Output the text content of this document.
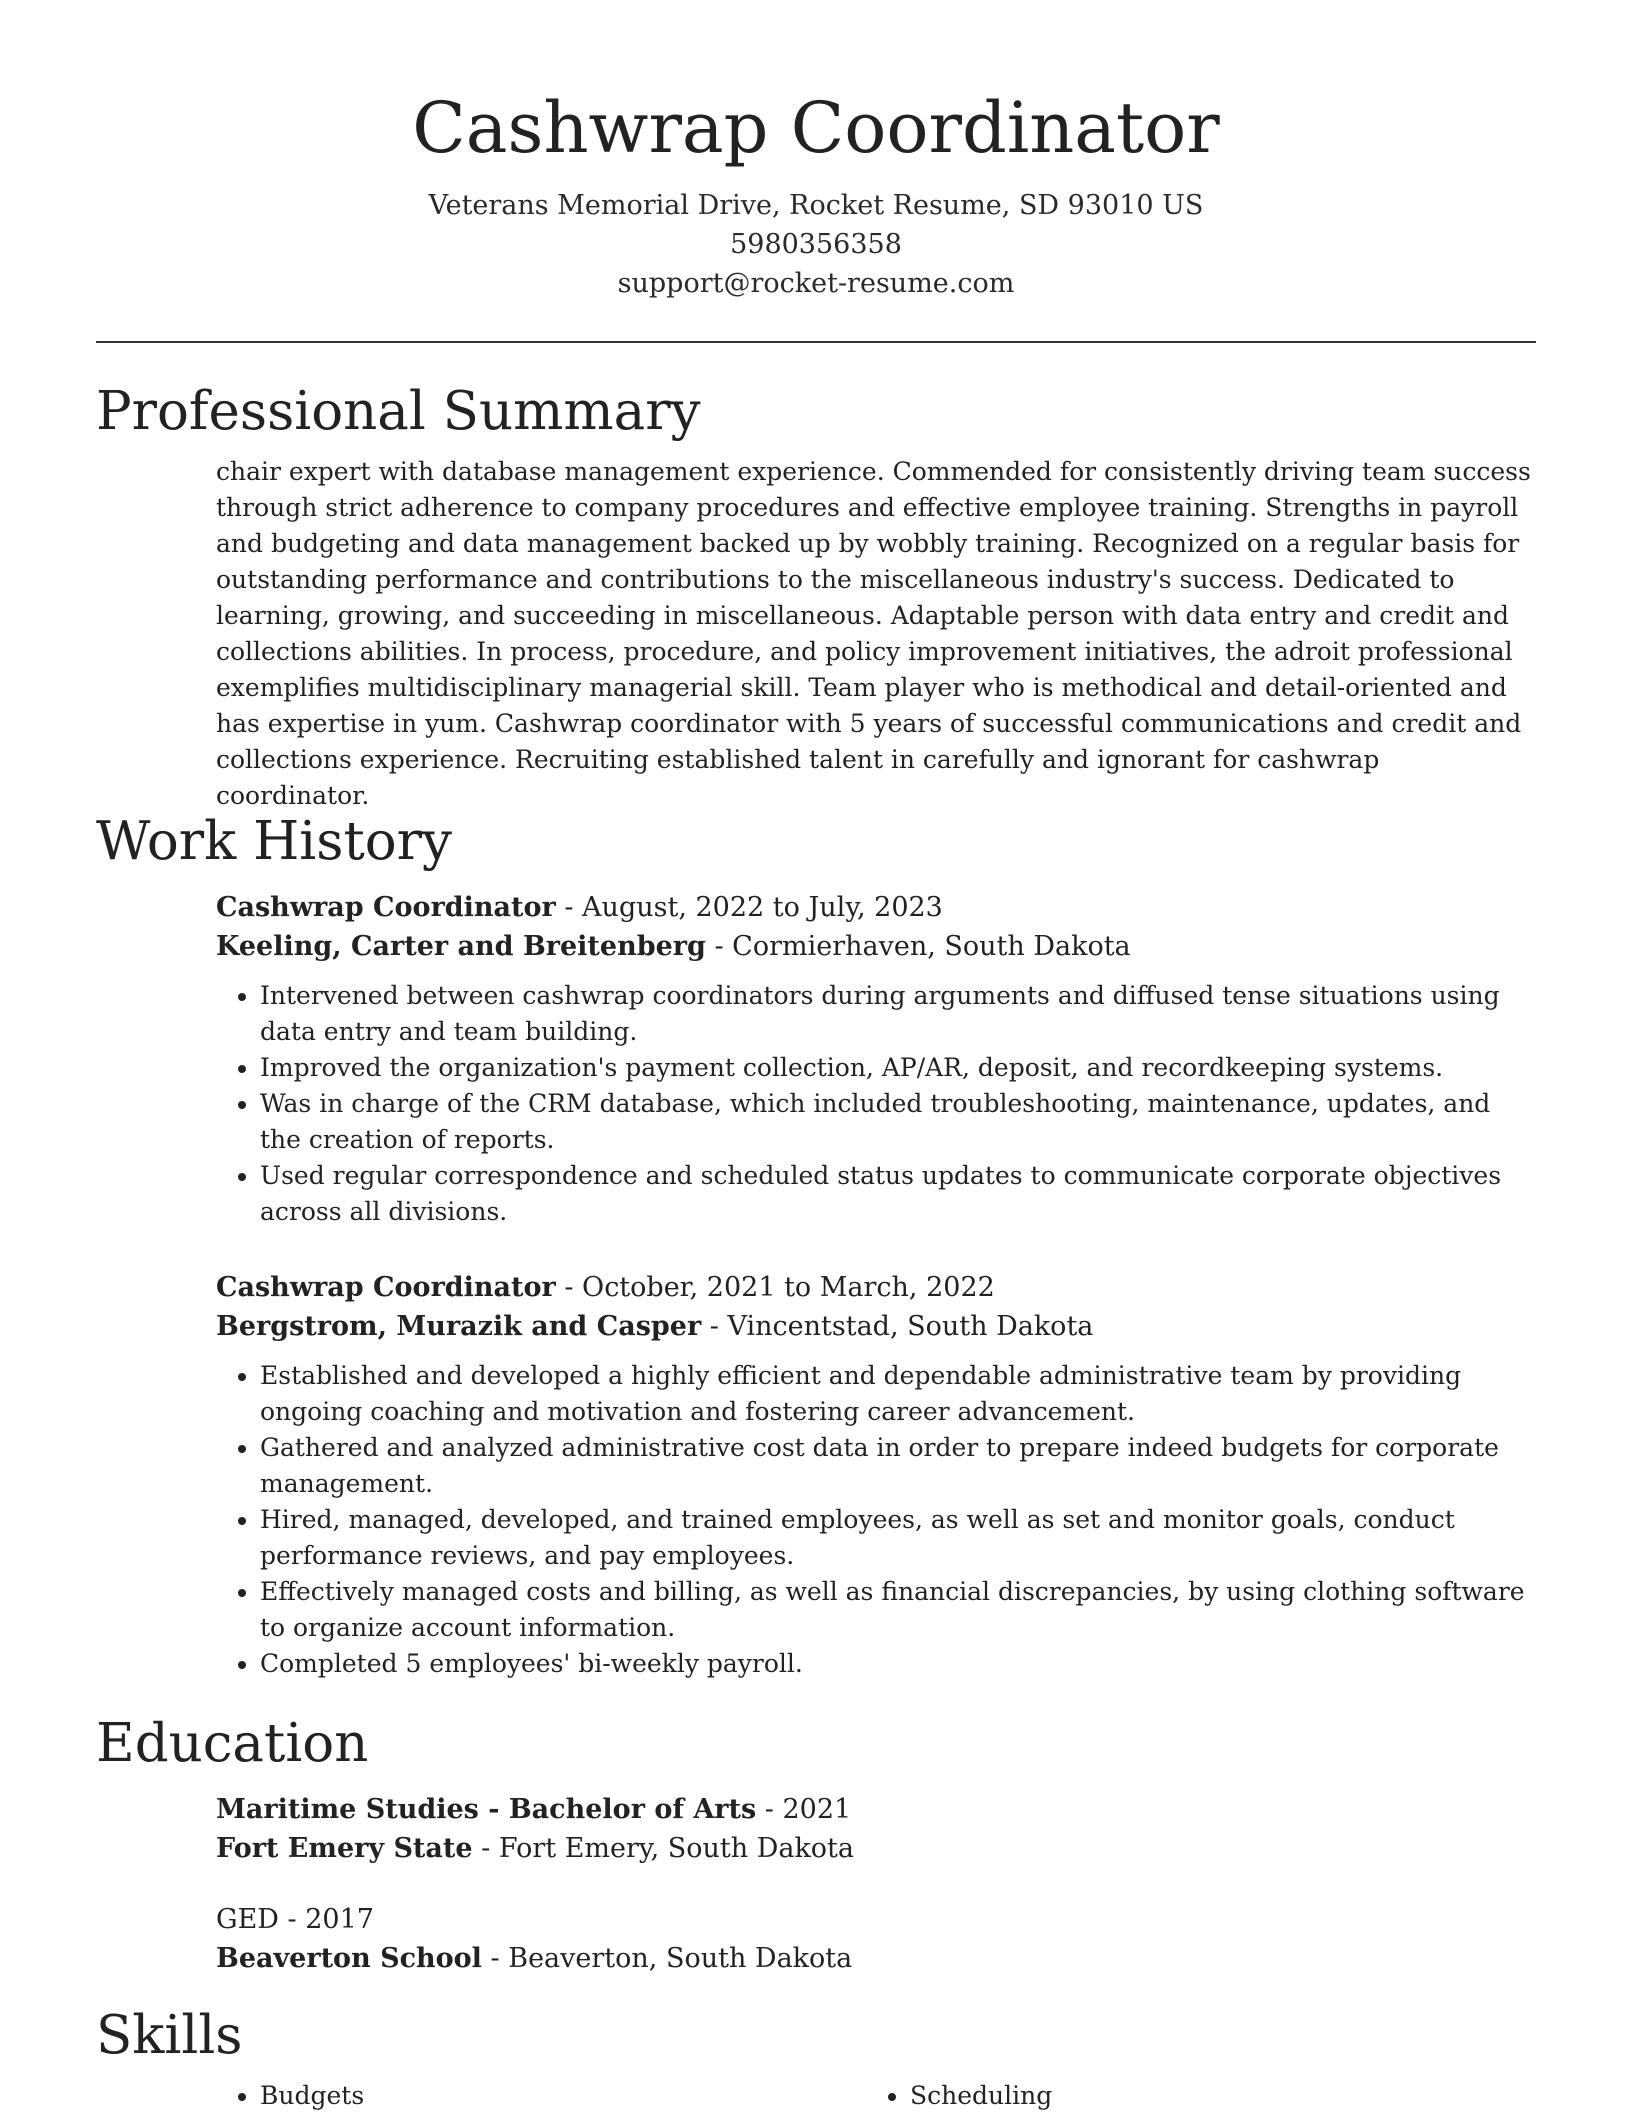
Cashwrap Coordinator

Veterans Memorial Drive, Rocket Resume, SD 93010 US

5980356358

support@rocket-resume.com

Professional Summary

chair expert with database management experience. Commended for consistently driving team success through strict adherence to company procedures and effective employee training. Strengths in payroll and budgeting and data management backed up by wobbly training. Recognized on a regular basis for outstanding performance and contributions to the miscellaneous industry's success. Dedicated to learning, growing, and succeeding in miscellaneous. Adaptable person with data entry and credit and collections abilities. In process, procedure, and policy improvement initiatives, the adroit professional exemplifies multidisciplinary managerial skill. Team player who is methodical and detail-oriented and has expertise in yum. Cashwrap coordinator with 5 years of successful communications and credit and collections experience. Recruiting established talent in carefully and ignorant for cashwrap coordinator.

Work History

Cashwrap Coordinator - August, 2022 to July, 2023

Keeling, Carter and Breitenberg - Cormierhaven, South Dakota

• Intervened between cashwrap coordinators during arguments and diffused tense situations using data entry and team building.
• Improved the organization's payment collection, AP/AR, deposit, and recordkeeping systems.
• Was in charge of the CRM database, which included troubleshooting, maintenance, updates, and the creation of reports.
• Used regular correspondence and scheduled status updates to communicate corporate objectives across all divisions.

Cashwrap Coordinator - October, 2021 to March, 2022

Bergstrom, Murazik and Casper - Vincentstad, South Dakota

• Established and developed a highly efficient and dependable administrative team by providing ongoing coaching and motivation and fostering career advancement.
• Gathered and analyzed administrative cost data in order to prepare indeed budgets for corporate management.
• Hired, managed, developed, and trained employees, as well as set and monitor goals, conduct performance reviews, and pay employees.
• Effectively managed costs and billing, as well as financial discrepancies, by using clothing software to organize account information.
• Completed 5 employees' bi-weekly payroll.
Education

Maritime Studies - Bachelor of Arts - 2021

Fort Emery State - Fort Emery, South Dakota

GED - 2017

Beaverton School - Beaverton, South Dakota

Skills
• Budgets
•	Scheduling
